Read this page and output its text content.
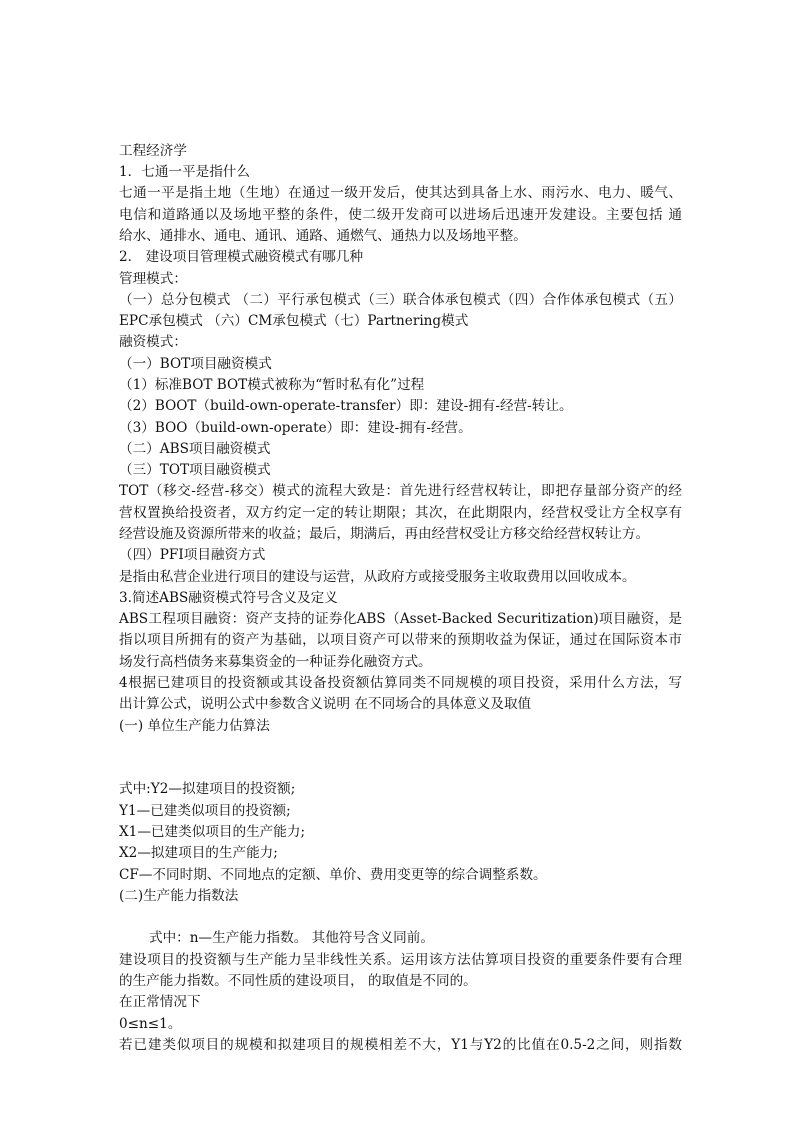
工程经济学
1．七通一平是指什么
七通一平是指土地（生地）在通过一级开发后，使其达到具备上水、雨污水、电力、暖气、
电信和道路通以及场地平整的条件，使二级开发商可以进场后迅速开发建设。主要包括 通
给水、通排水、通电、通讯、通路、通燃气、通热力以及场地平整。
2． 建设项目管理模式融资模式有哪几种
管理模式：
（一）总分包模式 （二）平行承包模式（三）联合体承包模式（四）合作体承包模式（五）
EPC承包模式 （六）CM承包模式（七）Partnering模式
融资模式：
（一）BOT项目融资模式
（1）标准BOT BOT模式被称为“暂时私有化”过程
（2）BOOT（build-own-operate-transfer）即：建设-拥有-经营-转让。
（3）BOO（build-own-operate）即：建设-拥有-经营。
（二）ABS项目融资模式
（三）TOT项目融资模式
TOT（移交-经营-移交）模式的流程大致是：首先进行经营权转让，即把存量部分资产的经
营权置换给投资者，双方约定一定的转让期限；其次，在此期限内，经营权受让方全权享有
经营设施及资源所带来的收益；最后，期满后，再由经营权受让方移交给经营权转让方。
（四）PFI项目融资方式
是指由私营企业进行项目的建设与运营，从政府方或接受服务主收取费用以回收成本。
3.简述ABS融资模式符号含义及定义
ABS工程项目融资：资产支持的证券化ABS（Asset-Backed Securitization)项目融资，是
指以项目所拥有的资产为基础，以项目资产可以带来的预期收益为保证，通过在国际资本市
场发行高档债务来募集资金的一种证券化融资方式。
4根据已建项目的投资额或其设备投资额估算同类不同规模的项目投资，采用什么方法，写
出计算公式，说明公式中参数含义说明 在不同场合的具体意义及取值
(一) 单位生产能力估算法
式中:Y2—拟建项目的投资额;
Y1—已建类似项目的投资额;
X1—已建类似项目的生产能力;
X2—拟建项目的生产能力;
CF—不同时期、不同地点的定额、单价、费用变更等的综合调整系数。
(二)生产能力指数法
式中：n—生产能力指数。 其他符号含义同前。
建设项目的投资额与生产能力呈非线性关系。运用该方法估算项目投资的重要条件要有合理
的生产能力指数。不同性质的建设项目， 的取值是不同的。
在正常情况下
0≤n≤1。
若已建类似项目的规模和拟建项目的规模相差不大，Y1与Y2的比值在0.5-2之间，则指数
